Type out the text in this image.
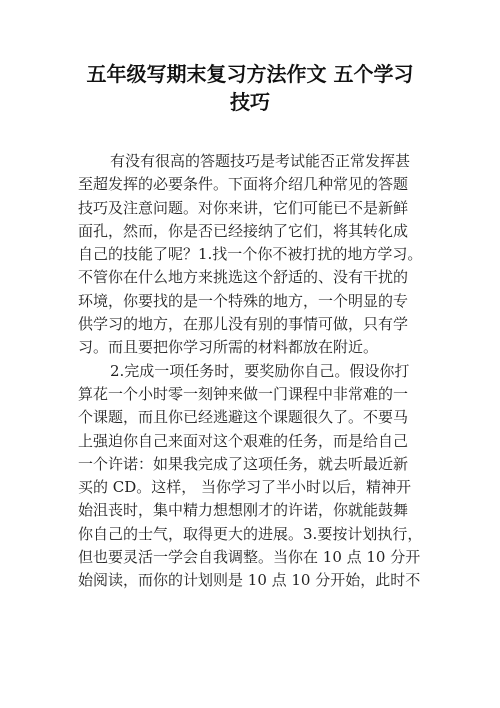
五年级写期末复习方法作文 五个学习
技巧

有没有很高的答题技巧是考试能否正常发挥甚
至超发挥的必要条件。下面将介绍几种常见的答题
技巧及注意问题。对你来讲，它们可能已不是新鲜
面孔，然而，你是否已经接纳了它们，将其转化成
自己的技能了呢？1.找一个你不被打扰的地方学习。
不管你在什么地方来挑选这个舒适的、没有干扰的
环境，你要找的是一个特殊的地方，一个明显的专
供学习的地方，在那儿没有别的事情可做，只有学
习。而且要把你学习所需的材料都放在附近。

2.完成一项任务时，要奖励你自己。假设你打
算花一个小时零一刻钟来做一门课程中非常难的一
个课题，而且你已经逃避这个课题很久了。不要马
上强迫你自己来面对这个艰难的任务，而是给自己
一个许诺：如果我完成了这项任务，就去听最近新
买的 CD。这样， 当你学习了半小时以后，精神开
始沮丧时，集中精力想想刚才的许诺，你就能鼓舞
你自己的士气，取得更大的进展。3.要按计划执行，
但也要灵活一学会自我调整。当你在 10 点 10 分开
始阅读，而你的计划则是 10 点 10 分开始，此时不
